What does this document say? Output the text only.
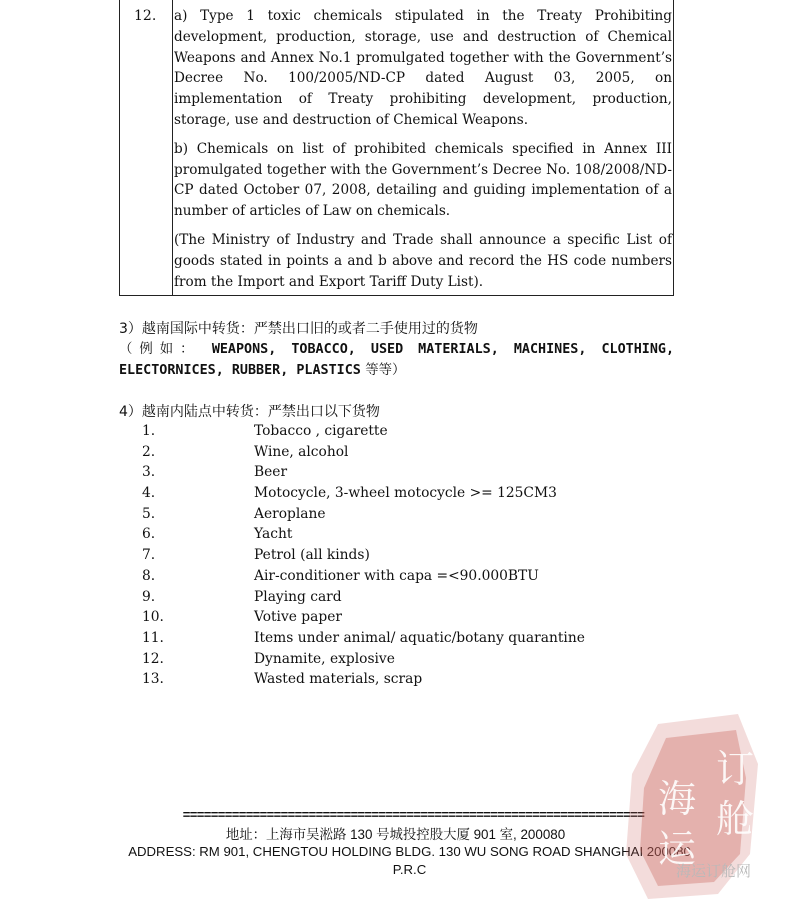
12. a) Type 1 toxic chemicals stipulated in the Treaty Prohibiting development, production, storage, use and destruction of Chemical Weapons and Annex No.1 promulgated together with the Government’s Decree No. 100/2005/ND-CP dated August 03, 2005, on implementation of Treaty prohibiting development, production, storage, use and destruction of Chemical Weapons.

b) Chemicals on list of prohibited chemicals specified in Annex III promulgated together with the Government’s Decree No. 108/2008/ND-CP dated October 07, 2008, detailing and guiding implementation of a number of articles of Law on chemicals.

(The Ministry of Industry and Trade shall announce a specific List of goods stated in points a and b above and record the HS code numbers from the Import and Export Tariff Duty List).

3）越南国际中转货：严禁出口旧的或者二手使用过的货物
（例如： WEAPONS, TOBACCO, USED MATERIALS, MACHINES, CLOTHING, ELECTORNICES, RUBBER, PLASTICS 等等）
4）越南内陆点中转货：严禁出口以下货物
1.	Tobacco , cigarette
2.	Wine, alcohol
3.	Beer
4.	Motocycle, 3-wheel motocycle >= 125CM3
5.	Aeroplane
6.	Yacht
7.	Petrol (all kinds)
8.	Air-conditioner with capa =<90.000BTU
9.	Playing card
10.	Votive paper
11.	Items under animal/ aquatic/botany quarantine
12.	Dynamite, explosive
13.	Wasted materials, scrap
==================================================================
地址：上海市吴淞路 130 号城投控股大厦 901 室, 200080
ADDRESS: RM 901, CHENGTOU HOLDING BLDG. 130 WU SONG ROAD SHANGHAI 200080
P.R.C
订
舱
海
运
海运订舱网
